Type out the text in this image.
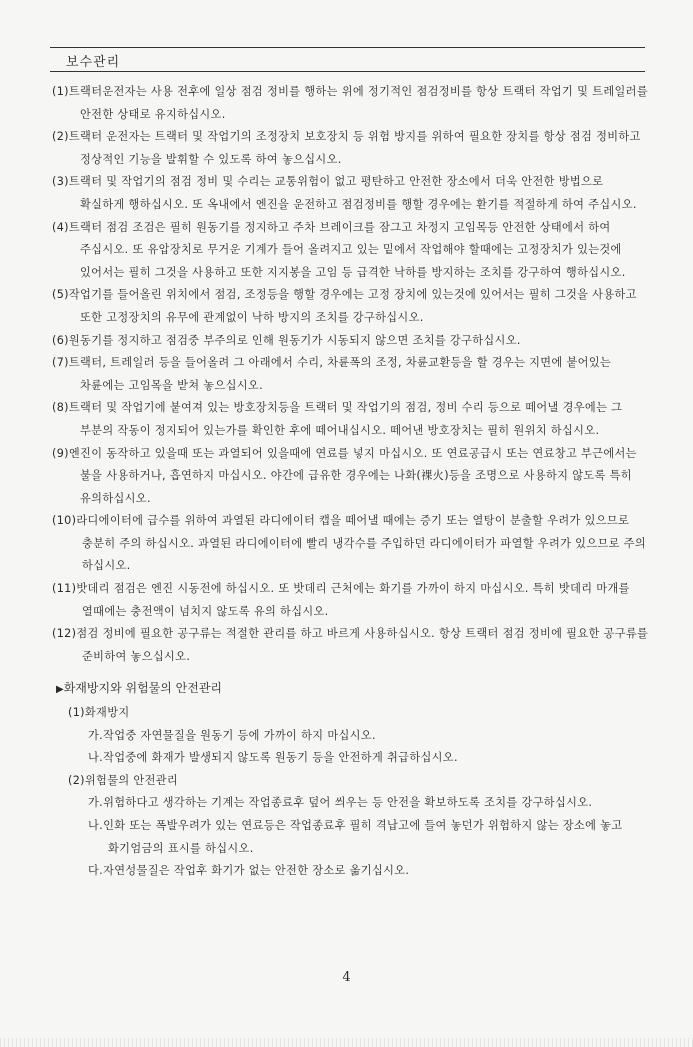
보수관리
(1)트랙터운전자는 사용 전후에 일상 점검 정비를 행하는 위에 정기적인 점검정비를 항상 트랙터 작업기 및 트레일러를 안전한 상태로 유지하십시오.
(2)트랙터 운전자는 트랙터 및 작업기의 조정장치 보호장치 등 위험 방지를 위하여 필요한 장치를 항상 점검 정비하고 정상적인 기능을 발휘할 수 있도록 하여 놓으십시오.
(3)트랙터 및 작업기의 점검 정비 및 수리는 교통위험이 없고 평탄하고 안전한 장소에서 더욱 안전한 방법으로 확실하게 행하십시오. 또 옥내에서 엔진을 운전하고 점검정비를 행할 경우에는 환기를 적절하게 하여 주십시오.
(4)트랙터 점검 조검은 필히 원동기를 정지하고 주차 브레이크를 잠그고 차정지 고임목등 안전한 상태에서 하여 주십시오. 또 유압장치로 무거운 기계가 들어 올려지고 있는 밑에서 작업해야 할때에는 고정장치가 있는것에 있어서는 필히 그것을 사용하고 또한 지지봉을 고임 등 급격한 낙하를 방지하는 조치를 강구하여 행하십시오.
(5)작업기를 들어올린 위치에서 점검, 조정등을 행할 경우에는 고정 장치에 있는것에 있어서는 필히 그것을 사용하고 또한 고정장치의 유무에 관계없이 낙하 방지의 조치를 강구하십시오.
(6)원동기를 정지하고 점검중 부주의로 인해 원동기가 시동되지 않으면 조치를 강구하십시오.
(7)트랙터, 트레일러 등을 들어올려 그 아래에서 수리, 차륜폭의 조정, 차륜교환등을 할 경우는 지면에 붙어있는 차륜에는 고임목을 받쳐 놓으십시오.
(8)트랙터 및 작업기에 붙여져 있는 방호장치등을 트랙터 및 작업기의 점검, 정비 수리 등으로 떼어낼 경우에는 그 부분의 작동이 정지되어 있는가를 확인한 후에 떼어내십시오. 떼어낸 방호장치는 필히 원위치 하십시오.
(9)엔진이 동작하고 있을때 또는 과열되어 있을때에 연료를 넣지 마십시오. 또 연료공급시 또는 연료창고 부근에서는 불을 사용하거나, 흡연하지 마십시오. 야간에 급유한 경우에는 나화(裸火)등을 조명으로 사용하지 않도록 특히 유의하십시오.
(10)라디에이터에 급수를 위하여 과열된 라디에이터 캡을 떼어낼 때에는 증기 또는 열탕이 분출할 우려가 있으므로 충분히 주의 하십시오. 과열된 라디에이터에 빨리 냉각수를 주입하던 라디에이터가 파열할 우려가 있으므로 주의 하십시오.
(11)밧데리 점검은 엔진 시동전에 하십시오. 또 밧데리 근처에는 화기를 가까이 하지 마십시오. 특히 밧데리 마개를 열때에는 충전액이 넘치지 않도록 유의 하십시오.
(12)점검 정비에 필요한 공구류는 적절한 관리를 하고 바르게 사용하십시오. 항상 트랙터 점검 정비에 필요한 공구류를 준비하여 놓으십시오.
▶화재방지와 위험물의 안전관리
(1)화재방지
가.작업중 자연물질을 원동기 등에 가까이 하지 마십시오.
나.작업중에 화재가 발생되지 않도록 원동기 등을 안전하게 취급하십시오.
(2)위험물의 안전관리
가.위험하다고 생각하는 기계는 작업종료후 덮어 씌우는 등 안전을 확보하도록 조치를 강구하십시오.
나.인화 또는 폭발우려가 있는 연료등은 작업종료후 필히 격납고에 들여 놓던가 위험하지 않는 장소에 놓고 화기엄금의 표시를 하십시오.
다.자연성물질은 작업후 화기가 없는 안전한 장소로 옮기십시오.
4
